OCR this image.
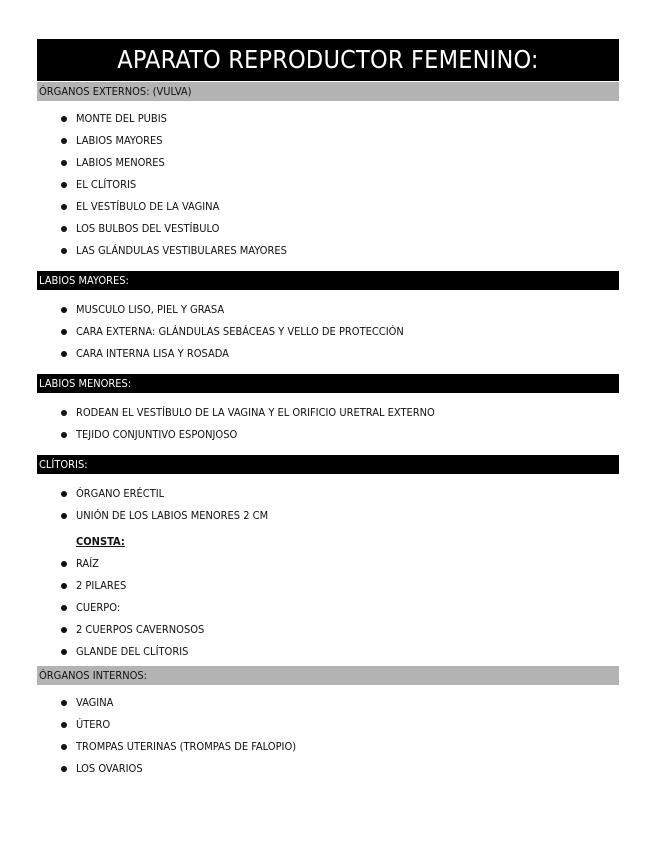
APARATO REPRODUCTOR FEMENINO:
ÓRGANOS EXTERNOS: (VULVA)
MONTE DEL PUBIS
LABIOS MAYORES
LABIOS MENORES
EL CLÍTORIS
EL VESTÍBULO DE LA VAGINA
LOS BULBOS DEL VESTÍBULO
LAS GLÁNDULAS VESTIBULARES MAYORES
LABIOS MAYORES:
MUSCULO LISO, PIEL Y GRASA
CARA EXTERNA: GLÁNDULAS SEBÁCEAS Y VELLO DE PROTECCIÓN
CARA INTERNA LISA Y ROSADA
LABIOS MENORES:
RODEAN EL VESTÍBULO DE LA VAGINA Y EL ORIFICIO URETRAL EXTERNO
TEJIDO CONJUNTIVO ESPONJOSO
CLÍTORIS:
ÓRGANO ERÉCTIL
UNIÓN DE LOS LABIOS MENORES 2 CM
CONSTA:
RAÍZ
2 PILARES
CUERPO:
2 CUERPOS CAVERNOSOS
GLANDE DEL CLÍTORIS
ÓRGANOS INTERNOS:
VAGINA
ÚTERO
TROMPAS UTERINAS (TROMPAS DE FALOPIO)
LOS OVARIOS
